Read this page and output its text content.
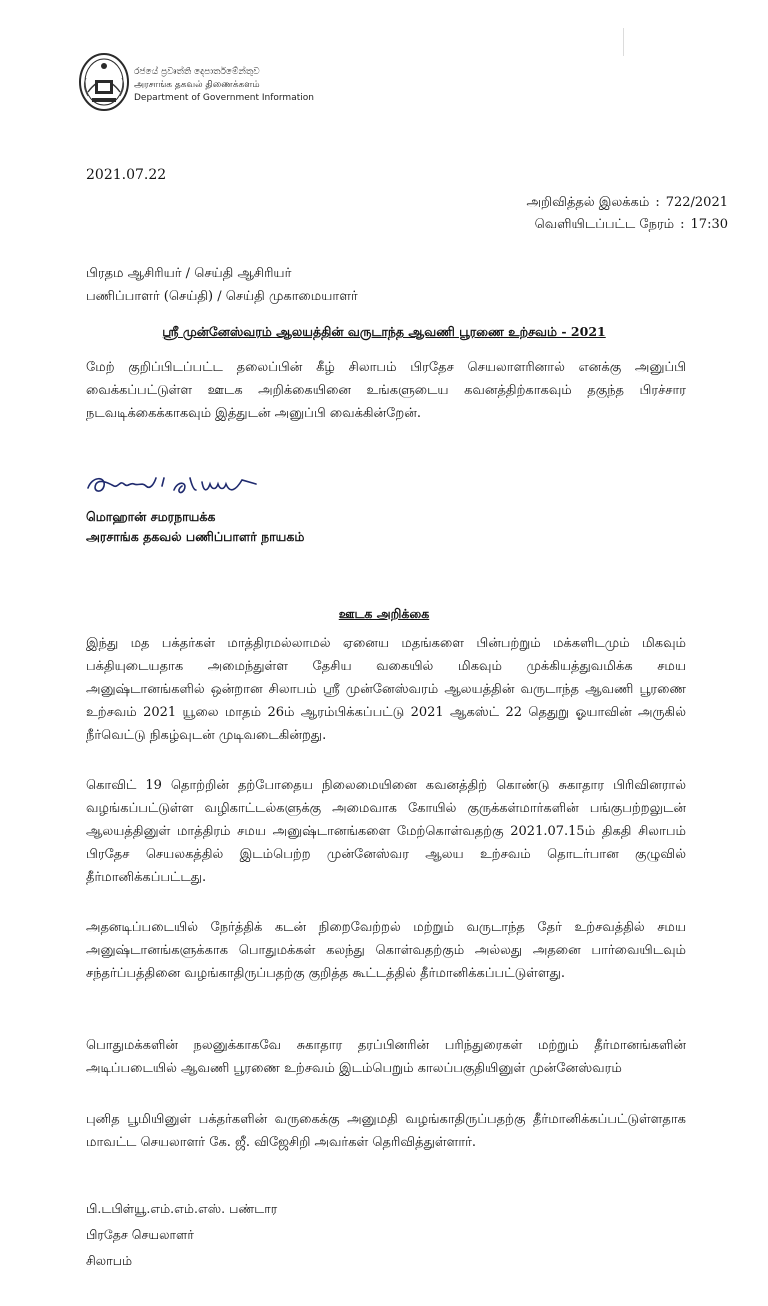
රජයේ ප්‍රවෘත්ති දෙපාර්තමේන්තුව
அரசாங்க தகவல் திணைக்களம்
Department of Government Information
2021.07.22
அறிவித்தல் இலக்கம் : 722/2021
வெளியிடப்பட்ட நேரம் : 17:30
பிரதம ஆசிரியர் / செய்தி ஆசிரியர்
பணிப்பாளர் (செய்தி) / செய்தி முகாமையாளர்
ஸ்ரீ முன்னேஸ்வரம் ஆலயத்தின் வருடாந்த ஆவணி பூரணை உற்சவம் - 2021
மேற் குறிப்பிடப்பட்ட தலைப்பின் கீழ் சிலாபம் பிரதேச செயலாளரினால் எனக்கு அனுப்பி வைக்கப்பட்டுள்ள ஊடக அறிக்கையினை உங்களுடைய கவனத்திற்காகவும் தகுந்த பிரச்சார நடவடிக்கைக்காகவும் இத்துடன் அனுப்பி வைக்கின்றேன்.
மொஹான் சமரநாயக்க
அரசாங்க தகவல் பணிப்பாளர் நாயகம்
ஊடக அறிக்கை
இந்து மத பக்தர்கள் மாத்திரமல்லாமல் ஏனைய மதங்களை பின்பற்றும் மக்களிடமும் மிகவும் பக்தியுடையதாக அமைந்துள்ள தேசிய வகையில் மிகவும் முக்கியத்துவமிக்க சமய அனுஷ்டானங்களில் ஒன்றான சிலாபம் ஸ்ரீ முன்னேஸ்வரம் ஆலயத்தின் வருடாந்த ஆவணி பூரணை உற்சவம் 2021 யூலை மாதம் 26ம் ஆரம்பிக்கப்பட்டு 2021 ஆகஸ்ட் 22 தெதுறு ஓயாவின் அருகில் நீர்வெட்டு நிகழ்வுடன் முடிவடைகின்றது.
கொவிட் 19 தொற்றின் தற்போதைய நிலைமையினை கவனத்திற் கொண்டு சுகாதார பிரிவினரால் வழங்கப்பட்டுள்ள வழிகாட்டல்களுக்கு அமைவாக கோயில் குருக்கள்மார்களின் பங்குபற்றலுடன் ஆலயத்தினுள் மாத்திரம் சமய அனுஷ்டானங்களை மேற்கொள்வதற்கு 2021.07.15ம் திகதி சிலாபம் பிரதேச செயலகத்தில் இடம்பெற்ற முன்னேஸ்வர ஆலய உற்சவம் தொடர்பான குழுவில் தீர்மானிக்கப்பட்டது.
அதனடிப்படையில் நேர்த்திக் கடன் நிறைவேற்றல் மற்றும் வருடாந்த தேர் உற்சவத்தில் சமய அனுஷ்டானங்களுக்காக பொதுமக்கள் கலந்து கொள்வதற்கும் அல்லது அதனை பார்வையிடவும் சந்தர்ப்பத்தினை வழங்காதிருப்பதற்கு குறித்த கூட்டத்தில் தீர்மானிக்கப்பட்டுள்ளது.
பொதுமக்களின் நலனுக்காகவே சுகாதார தரப்பினரின் பரிந்துரைகள் மற்றும் தீர்மானங்களின் அடிப்படையில் ஆவணி பூரணை உற்சவம் இடம்பெறும் காலப்பகுதியினுள் முன்னேஸ்வரம்
புனித பூமியினுள் பக்தர்களின் வருகைக்கு அனுமதி வழங்காதிருப்பதற்கு தீர்மானிக்கப்பட்டுள்ளதாக மாவட்ட செயலாளர் கே. ஜீ. விஜேசிறி அவர்கள் தெரிவித்துள்ளார்.
பி.டபிள்யூ.எம்.எம்.எஸ். பண்டார
பிரதேச செயலாளர்
சிலாபம்
